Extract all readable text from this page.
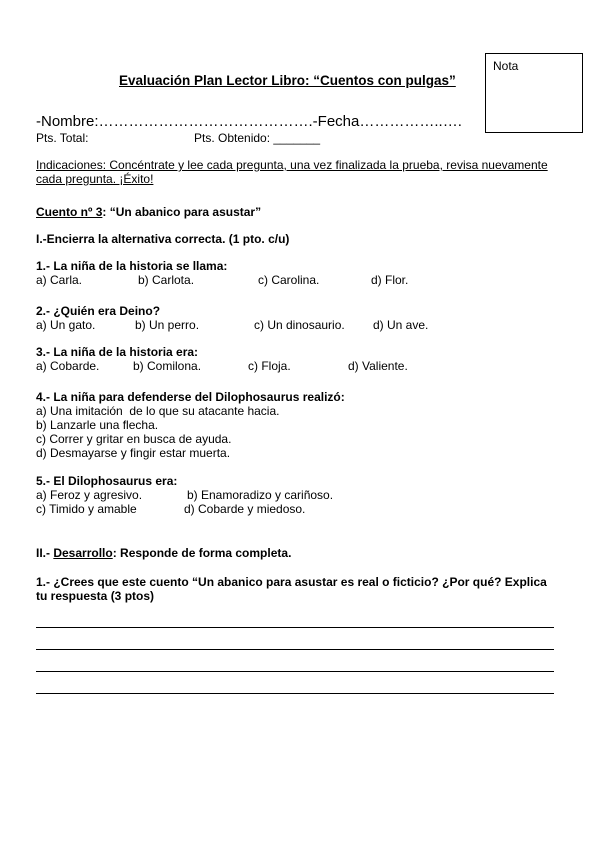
Nota
Evaluación Plan Lector Libro: “Cuentos con pulgas”
-Nombre:…………………………………….-Fecha……………..….
Pts. Total:	Pts. Obtenido: _______
Indicaciones: Concéntrate y lee cada pregunta, una vez finalizada la prueba, revisa nuevamente
cada pregunta. ¡Éxito!
Cuento nº 3: “Un abanico para asustar”
I.-Encierra la alternativa correcta. (1 pto. c/u)
1.- La niña de la historia se llama:
a) Carla.	b) Carlota.	c) Carolina.	d) Flor.
2.- ¿Quién era Deino?
a) Un gato.	b) Un perro.	c) Un dinosaurio. d) Un ave.
3.- La niña de la historia era:
a) Cobarde.	b) Comilona.	c) Floja.	d) Valiente.
4.- La niña para defenderse del Dilophosaurus realizó:
a) Una imitación  de lo que su atacante hacia.
b) Lanzarle una flecha.
c) Correr y gritar en busca de ayuda.
d) Desmayarse y fingir estar muerta.
5.- El Dilophosaurus era:
a) Feroz y agresivo.	b) Enamoradizo y cariñoso.
c) Timido y amable	d) Cobarde y miedoso.
II.- Desarrollo: Responde de forma completa.
1.- ¿Crees que este cuento “Un abanico para asustar es real o ficticio? ¿Por qué? Explica
tu respuesta (3 ptos)
